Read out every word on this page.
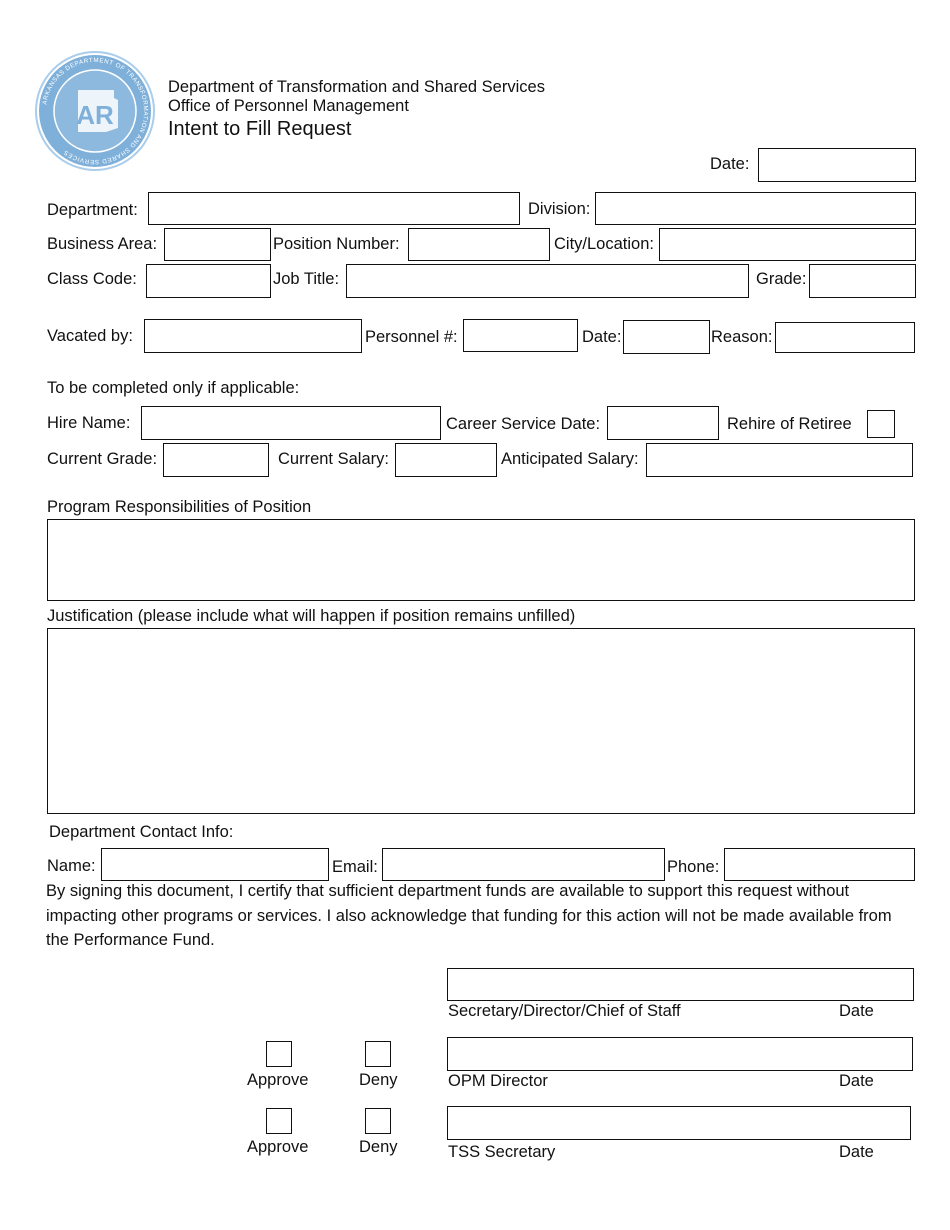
AR
ARKANSAS DEPARTMENT OF TRANSFORMATION AND SHARED SERVICES
Department of Transformation and Shared Services
Office of Personnel Management
Intent to Fill Request
Date:
Department:	Division:
Business Area:	Position Number:	City/Location:
Class Code:	Job Title:	Grade:
Vacated by:	Personnel #:	Date:	Reason:
To be completed only if applicable:
Hire Name:	Career Service Date:	Rehire of Retiree
Current Grade:	Current Salary:	Anticipated Salary:
Program Responsibilities of Position
Justification (please include what will happen if position remains unfilled)
Department Contact Info:
Name:	Email:	Phone:
By signing this document, I certify that sufficient department funds are available to support this request without impacting other programs or services. I also acknowledge that funding for this action will not be made available from the Performance Fund.
Secretary/Director/Chief of Staff	Date
Approve	Deny	OPM Director	Date
Approve	Deny	TSS Secretary	Date
